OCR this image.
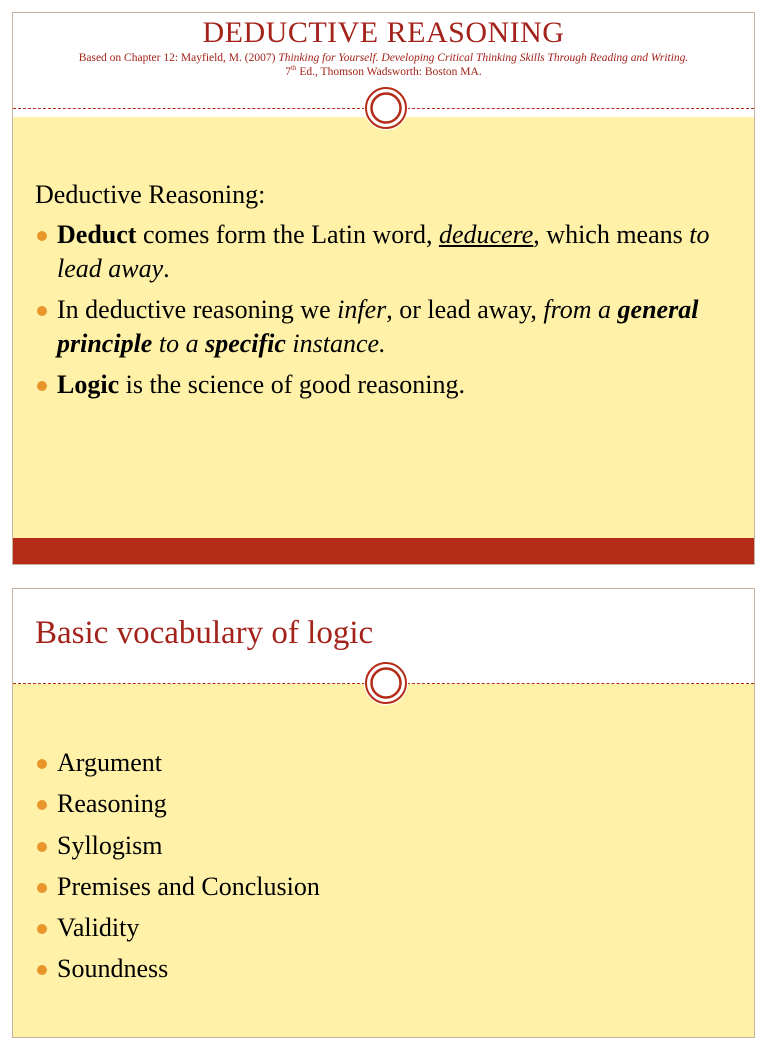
DEDUCTIVE REASONING
Based on Chapter 12: Mayfield, M. (2007) Thinking for Yourself. Developing Critical Thinking Skills Through Reading and Writing.
7th Ed., Thomson Wadsworth: Boston MA.
Deductive Reasoning:
Deduct comes form the Latin word, deducere, which means to lead away.
In deductive reasoning we infer, or lead away, from a general principle to a specific instance.
Logic is the science of good reasoning.
Basic vocabulary of logic
Argument
Reasoning
Syllogism
Premises and Conclusion
Validity
Soundness
